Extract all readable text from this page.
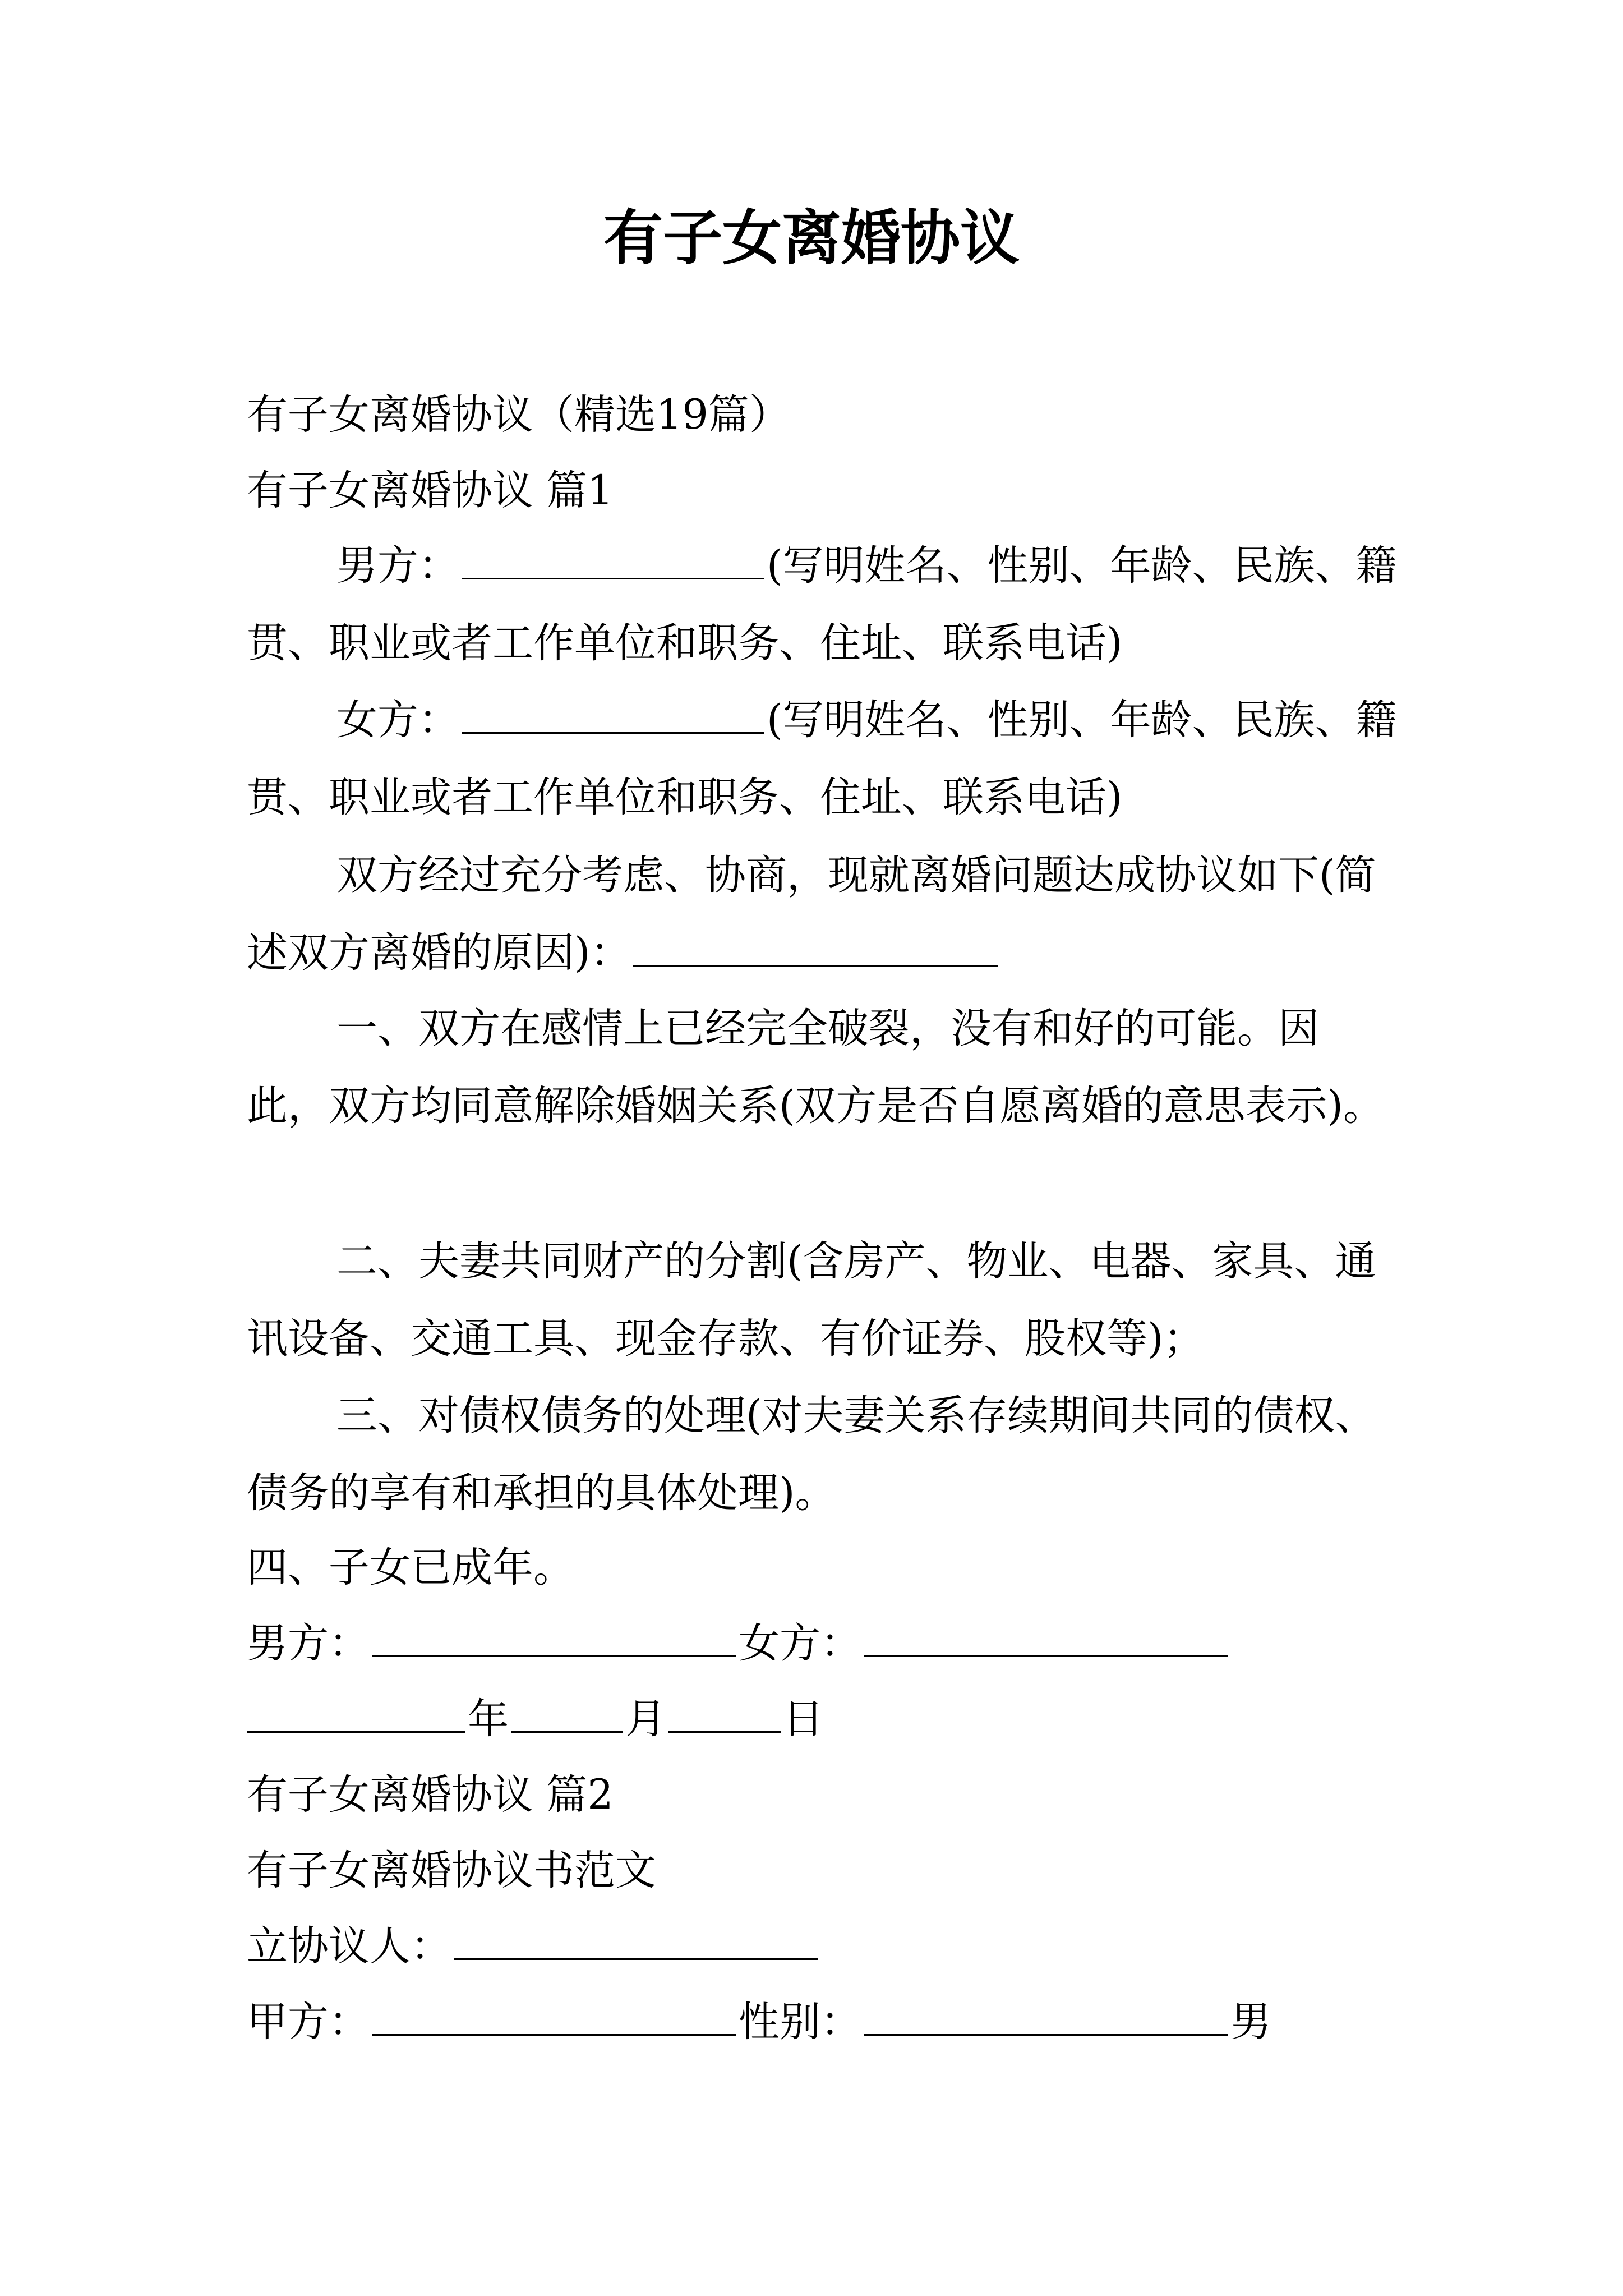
有子女离婚协议

有子女离婚协议（精选19篇）

有子女离婚协议 篇1

男方：	(写明姓名、性别、年龄、民族、籍贯、职业或者工作单位和职务、住址、联系电话)

女方：	(写明姓名、性别、年龄、民族、籍贯、职业或者工作单位和职务、住址、联系电话)

双方经过充分考虑、协商，现就离婚问题达成协议如下(简述双方离婚的原因)：

一、双方在感情上已经完全破裂，没有和好的可能。因此，双方均同意解除婚姻关系(双方是否自愿离婚的意思表示)。

二、夫妻共同财产的分割(含房产、物业、电器、家具、通讯设备、交通工具、现金存款、有价证券、股权等)；

三、对债权债务的处理(对夫妻关系存续期间共同的债权、债务的享有和承担的具体处理)。

四、子女已成年。

男方：	女方：

年	月	日

有子女离婚协议 篇2

有子女离婚协议书范文

立协议人：

甲方：	性别：	男
